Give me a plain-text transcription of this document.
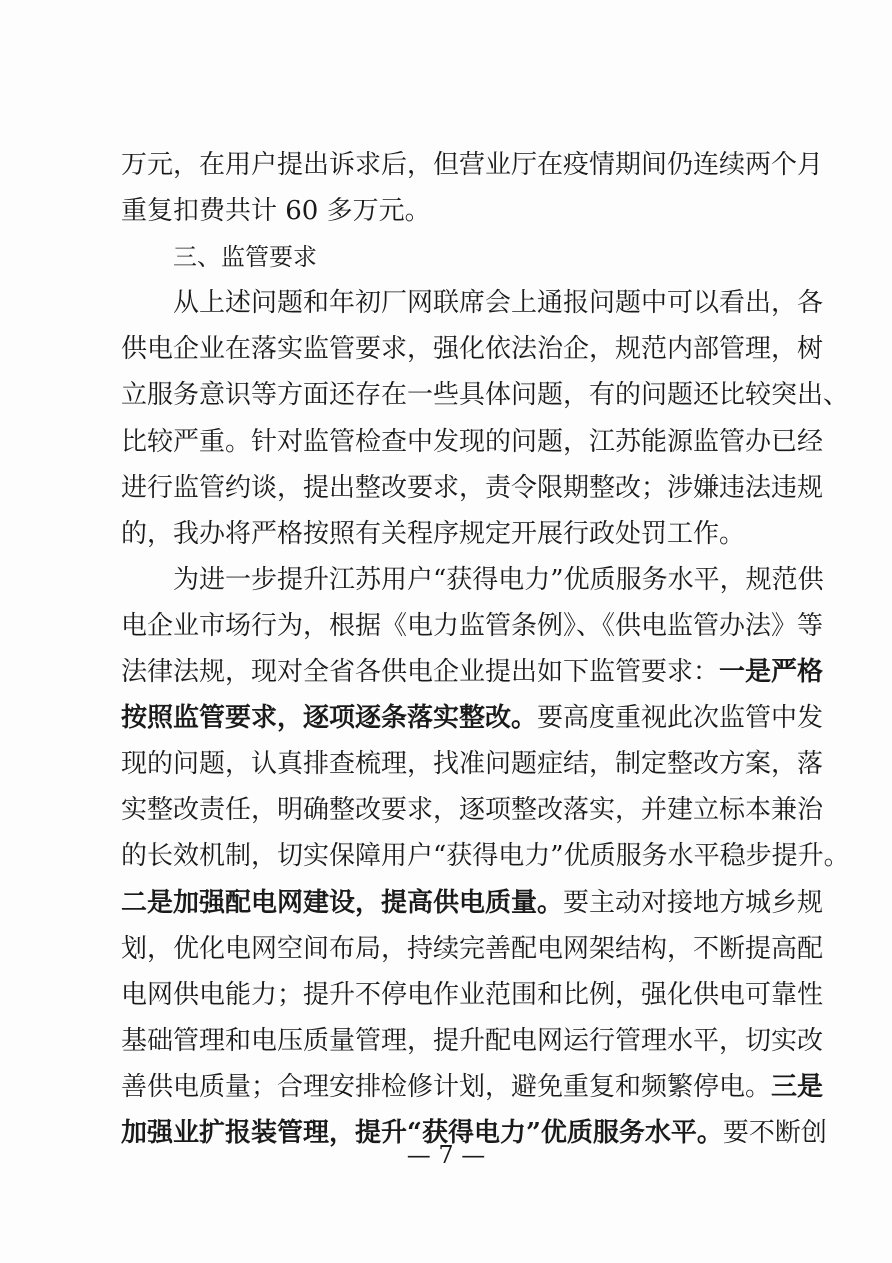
万元，在用户提出诉求后，但营业厅在疫情期间仍连续两个月
重复扣费共计 60 多万元。
三、监管要求
从上述问题和年初厂网联席会上通报问题中可以看出，各
供电企业在落实监管要求，强化依法治企，规范内部管理，树
立服务意识等方面还存在一些具体问题，有的问题还比较突出、
比较严重。针对监管检查中发现的问题，江苏能源监管办已经
进行监管约谈，提出整改要求，责令限期整改；涉嫌违法违规
的，我办将严格按照有关程序规定开展行政处罚工作。
为进一步提升江苏用户“获得电力”优质服务水平，规范供
电企业市场行为，根据《电力监管条例》、《供电监管办法》等
法律法规，现对全省各供电企业提出如下监管要求：一是严格
按照监管要求，逐项逐条落实整改。要高度重视此次监管中发
现的问题，认真排查梳理，找准问题症结，制定整改方案，落
实整改责任，明确整改要求，逐项整改落实，并建立标本兼治
的长效机制，切实保障用户“获得电力”优质服务水平稳步提升。
二是加强配电网建设，提高供电质量。要主动对接地方城乡规
划，优化电网空间布局，持续完善配电网架结构，不断提高配
电网供电能力；提升不停电作业范围和比例，强化供电可靠性
基础管理和电压质量管理，提升配电网运行管理水平，切实改
善供电质量；合理安排检修计划，避免重复和频繁停电。三是
加强业扩报装管理，提升“获得电力”优质服务水平。要不断创
— 7 —
